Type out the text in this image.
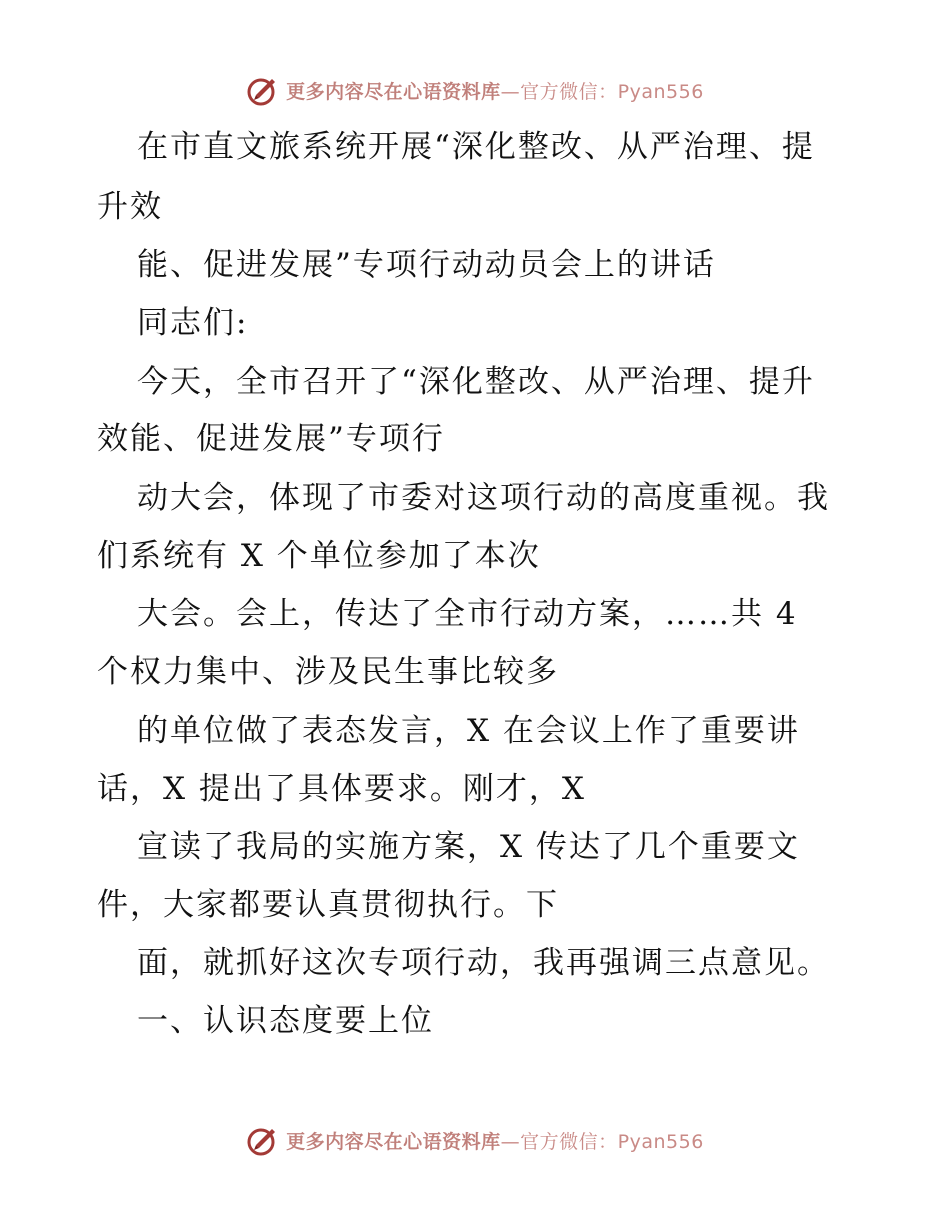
更多内容尽在心语资料库—官方微信：Pyan556
在市直文旅系统开展“深化整改、从严治理、提
升效
能、促进发展”专项行动动员会上的讲话
同志们:
今天，全市召开了“深化整改、从严治理、提升
效能、促进发展”专项行
动大会，体现了市委对这项行动的高度重视。我
们系统有 X 个单位参加了本次
大会。会上，传达了全市行动方案，……共 4
个权力集中、涉及民生事比较多
的单位做了表态发言，X 在会议上作了重要讲
话，X 提出了具体要求。刚才，X
宣读了我局的实施方案，X 传达了几个重要文
件，大家都要认真贯彻执行。下
面，就抓好这次专项行动，我再强调三点意见。
一、认识态度要上位
更多内容尽在心语资料库—官方微信：Pyan556
